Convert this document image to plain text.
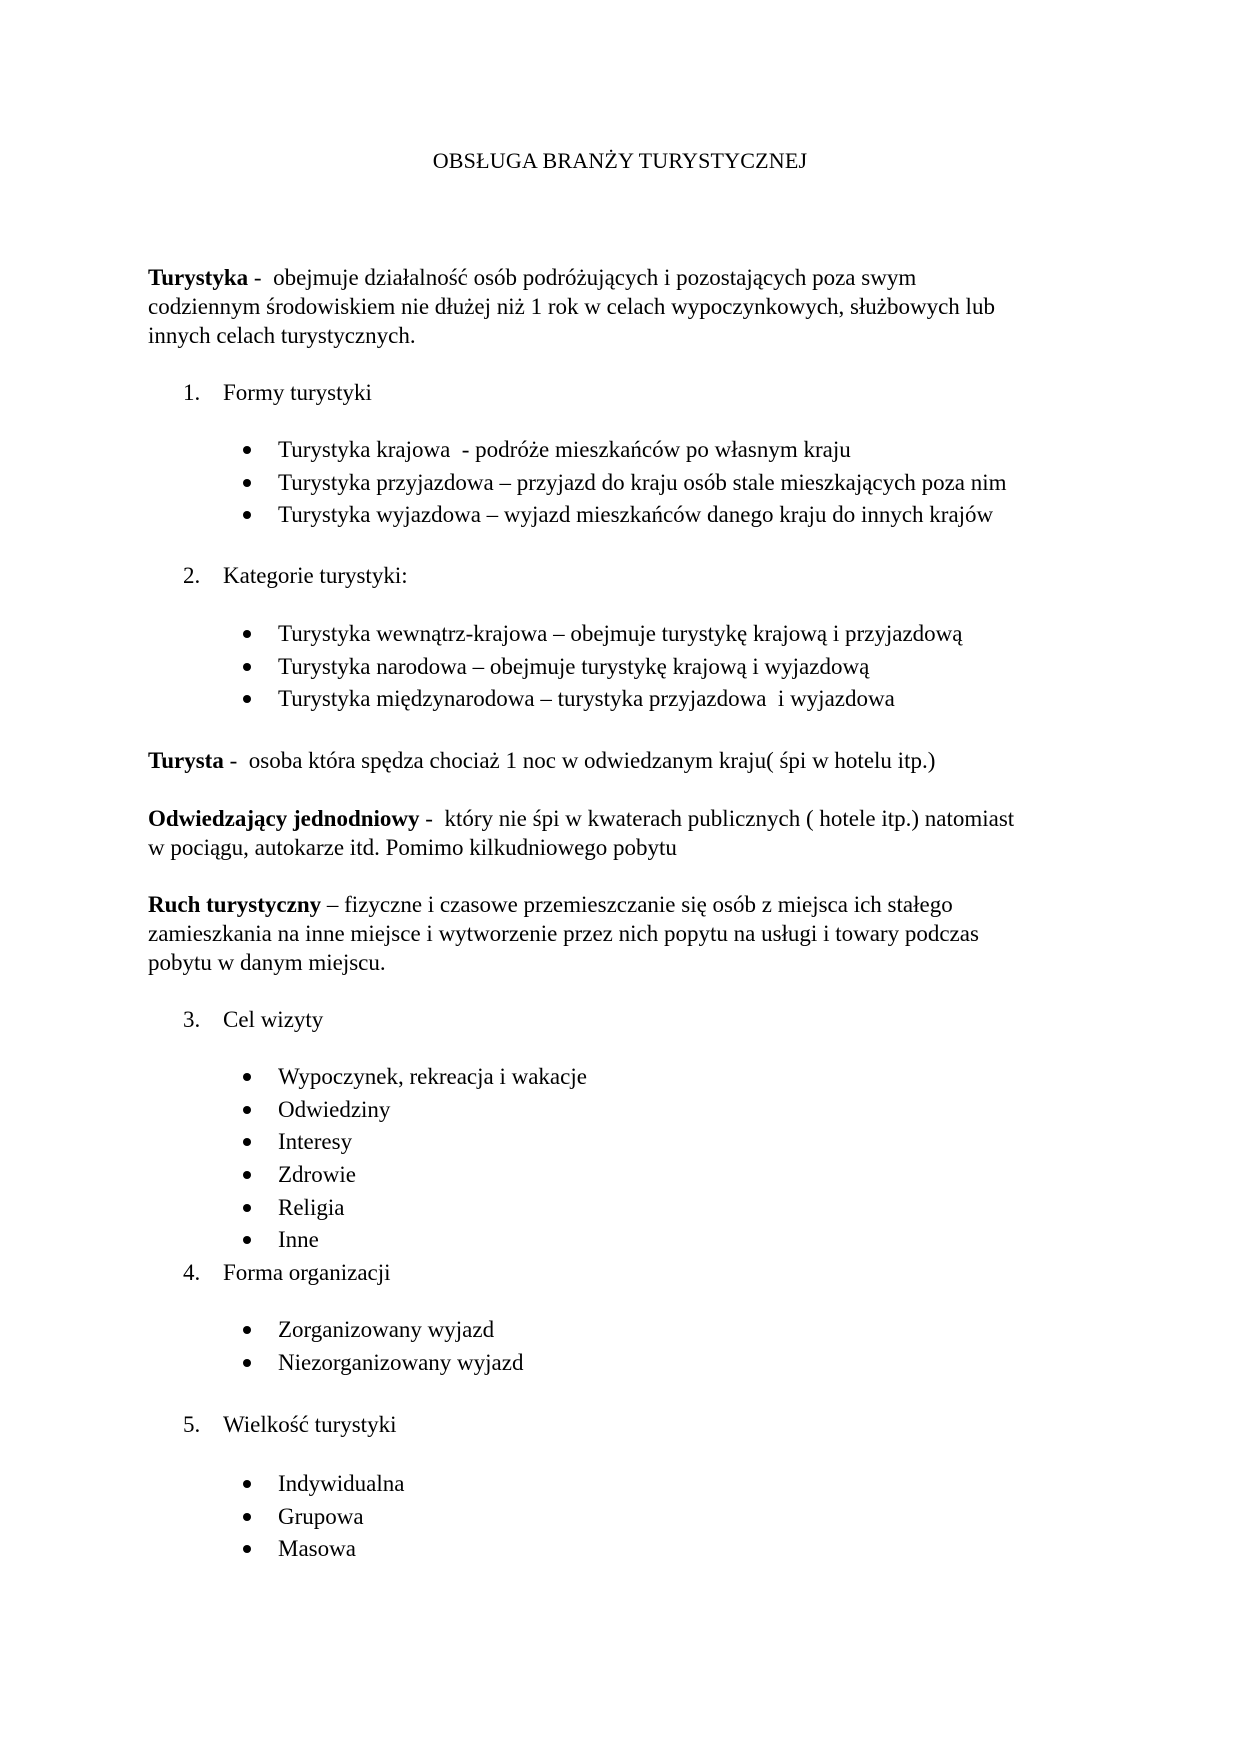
OBSŁUGA BRANŻY TURYSTYCZNEJ
Turystyka -  obejmuje działalność osób podróżujących i pozostających poza swym
codziennym środowiskiem nie dłużej niż 1 rok w celach wypoczynkowych, służbowych lub
innych celach turystycznych.
1. Formy turystyki
Turystyka krajowa  - podróże mieszkańców po własnym kraju
Turystyka przyjazdowa – przyjazd do kraju osób stale mieszkających poza nim
Turystyka wyjazdowa – wyjazd mieszkańców danego kraju do innych krajów
2. Kategorie turystyki:
Turystyka wewnątrz-krajowa – obejmuje turystykę krajową i przyjazdową
Turystyka narodowa – obejmuje turystykę krajową i wyjazdową
Turystyka międzynarodowa – turystyka przyjazdowa  i wyjazdowa
Turysta -  osoba która spędza chociaż 1 noc w odwiedzanym kraju( śpi w hotelu itp.)
Odwiedzający jednodniowy -  który nie śpi w kwaterach publicznych ( hotele itp.) natomiast
w pociągu, autokarze itd. Pomimo kilkudniowego pobytu
Ruch turystyczny – fizyczne i czasowe przemieszczanie się osób z miejsca ich stałego
zamieszkania na inne miejsce i wytworzenie przez nich popytu na usługi i towary podczas
pobytu w danym miejscu.
3. Cel wizyty
Wypoczynek, rekreacja i wakacje
Odwiedziny
Interesy
Zdrowie
Religia
Inne
4. Forma organizacji
Zorganizowany wyjazd
Niezorganizowany wyjazd
5. Wielkość turystyki
Indywidualna
Grupowa
Masowa
